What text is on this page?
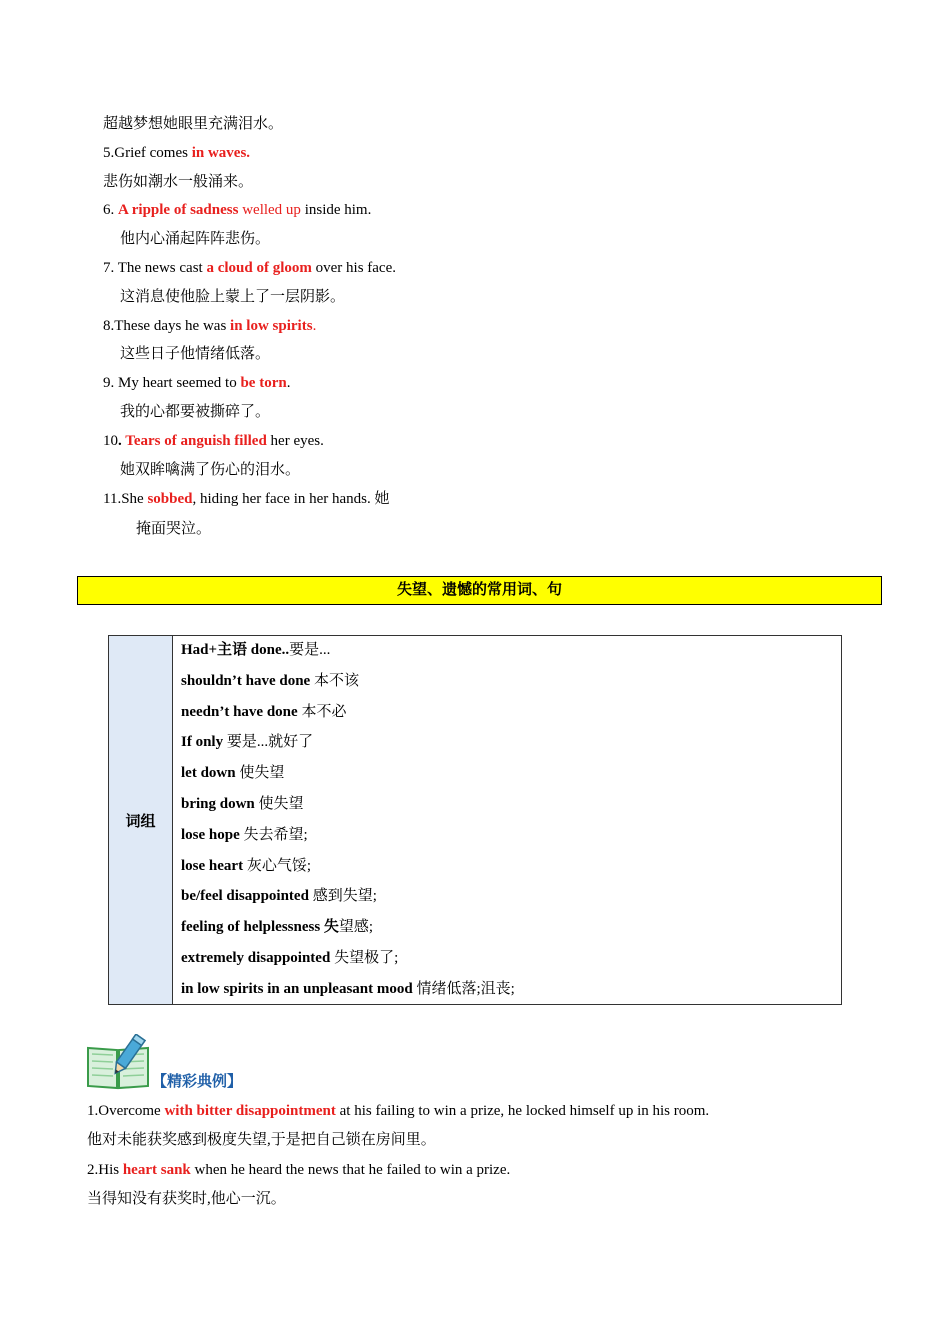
超越梦想她眼里充满泪水。
5.Grief comes in waves.
悲伤如潮水一般涌来。
6. A ripple of sadness welled up inside him.
他内心涌起阵阵悲伤。
7. The news cast a cloud of gloom over his face.
这消息使他脸上蒙上了一层阴影。
8.These days he was in low spirits.
这些日子他情绪低落。
9. My heart seemed to be torn.
我的心都要被撕碎了。
10. Tears of anguish filled her eyes.
她双眸噙满了伤心的泪水。
11.She sobbed, hiding her face in her hands. 她
掩面哭泣。
失望、遗憾的常用词、句
词组
Had+主语 done..要是...
shouldn’t have done 本不该
needn’t have done 本不必
If only 要是...就好了
let down 使失望
bring down 使失望
lose hope 失去希望;
lose heart 灰心气馁;
be/feel disappointed 感到失望;
feeling of helplessness 失望感;
extremely disappointed 失望极了;
in low spirits in an unpleasant mood 情绪低落;沮丧;
【精彩典例】
1.Overcome with bitter disappointment at his failing to win a prize, he locked himself up in his room.
他对未能获奖感到极度失望,于是把自己锁在房间里。
2.His heart sank when he heard the news that he failed to win a prize.
当得知没有获奖时,他心一沉。
